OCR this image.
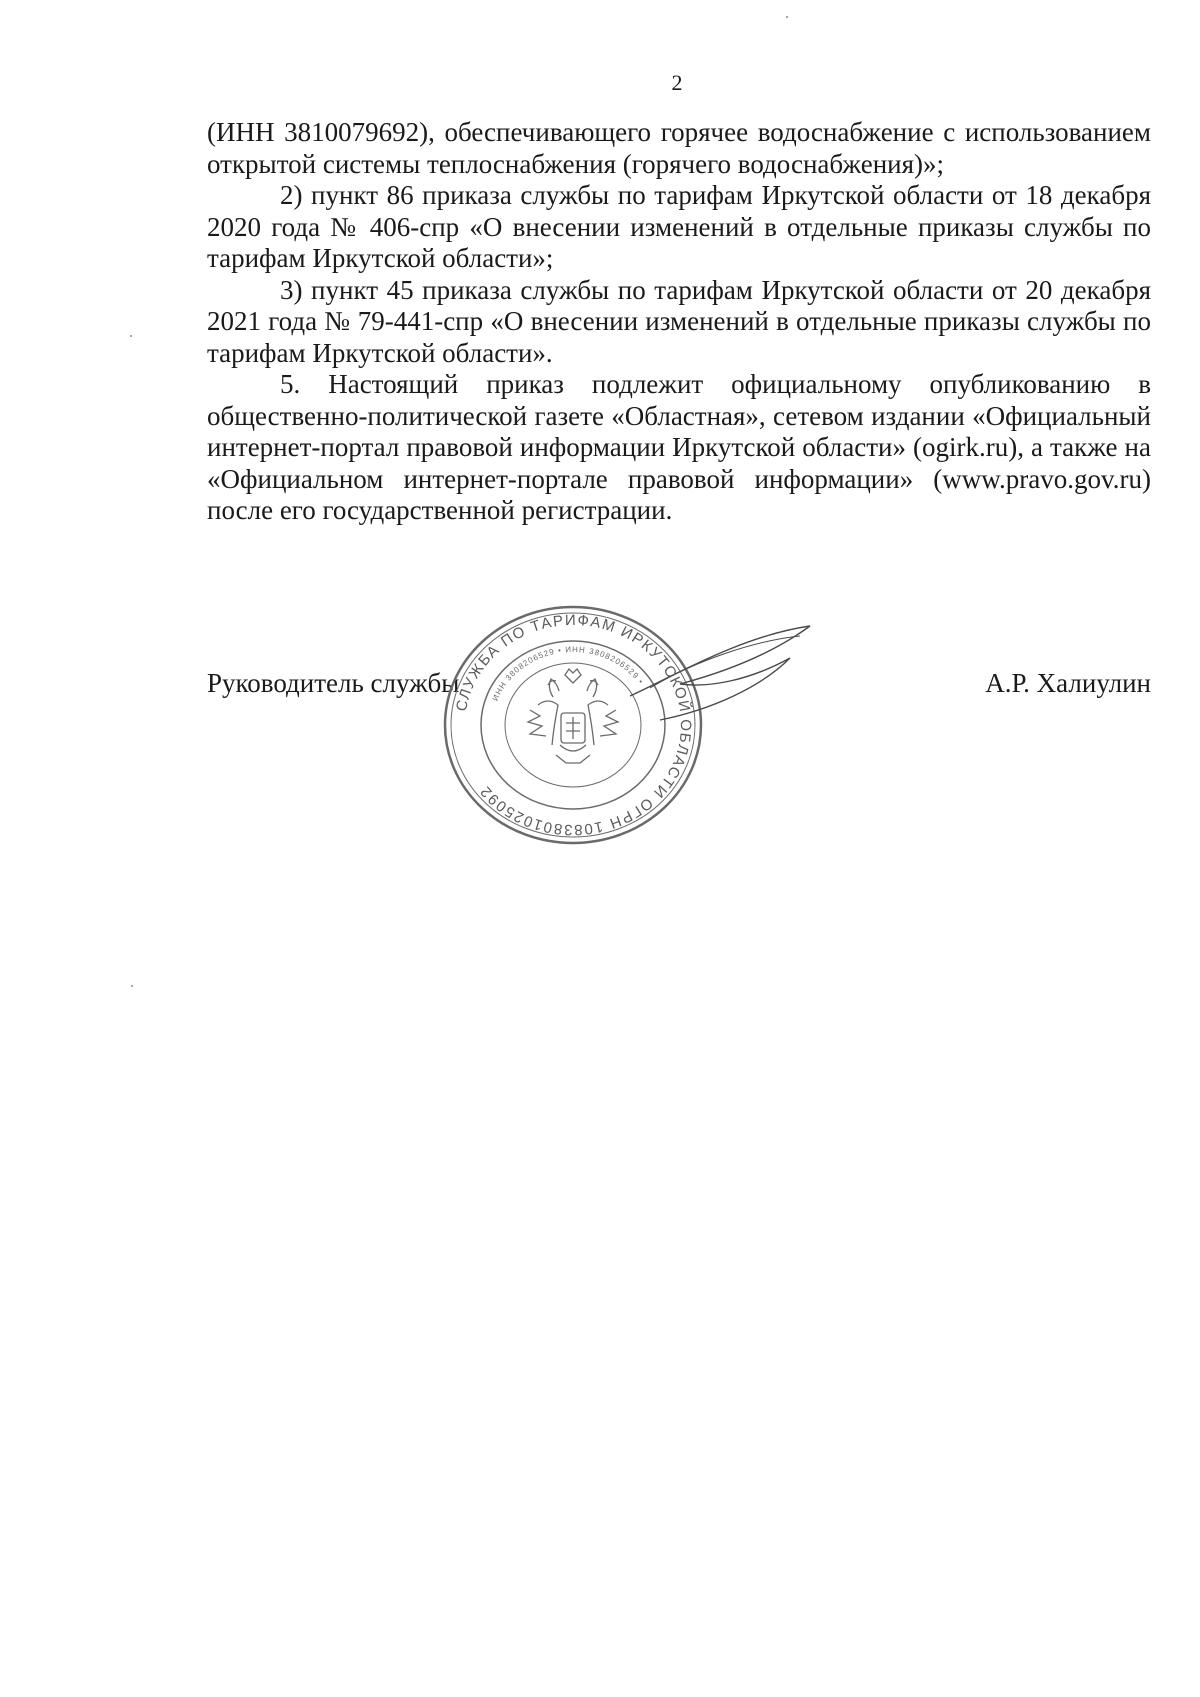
2

(ИНН 3810079692), обеспечивающего горячее водоснабжение с использованием открытой системы теплоснабжения (горячего водоснабжения)»;

2) пункт 86 приказа службы по тарифам Иркутской области от 18 декабря 2020 года № 406-спр «О внесении изменений в отдельные приказы службы по тарифам Иркутской области»;

3) пункт 45 приказа службы по тарифам Иркутской области от 20 декабря 2021 года № 79-441-спр «О внесении изменений в отдельные приказы службы по тарифам Иркутской области».

5. Настоящий приказ подлежит официальному опубликованию в общественно-политической газете «Областная», сетевом издании «Официальный интернет-портал правовой информации Иркутской области» (ogirk.ru), а также на «Официальном интернет-портале правовой информации» (www.pravo.gov.ru) после его государственной регистрации.

Руководитель службы	А.Р. Халиулин
СЛУЖБА ПО ТАРИФАМ ИРКУТСКОЙ ОБЛАСТИ ОГРН 1083801025092
ИНН 3808206529 • ИНН 3808206529 •
